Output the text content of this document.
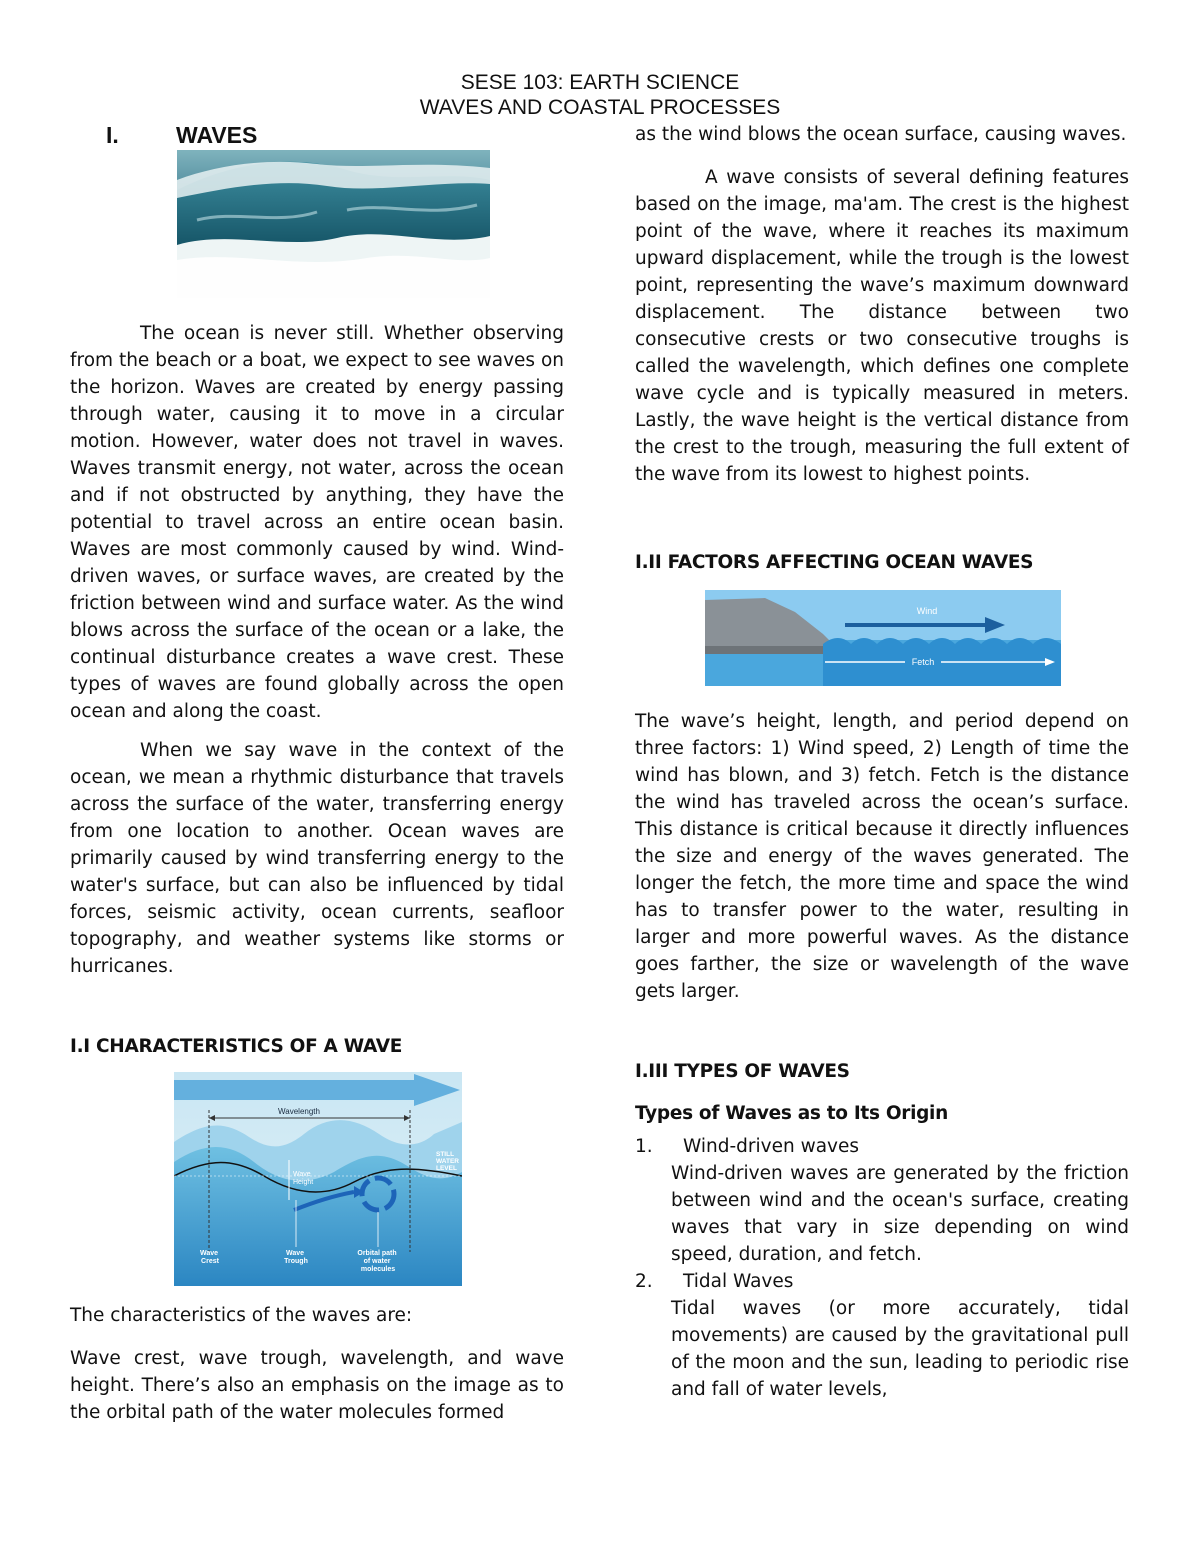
SESE 103: EARTH SCIENCE
WAVES AND COASTAL PROCESSES
I.	WAVES

The ocean is never still. Whether observing from the beach or a boat, we expect to see waves on the horizon. Waves are created by energy passing through water, causing it to move in a circular motion. However, water does not travel in waves. Waves transmit energy, not water, across the ocean and if not obstructed by anything, they have the potential to travel across an entire ocean basin. Waves are most commonly caused by wind. Wind-driven waves, or surface waves, are created by the friction between wind and surface water. As the wind blows across the surface of the ocean or a lake, the continual disturbance creates a wave crest. These types of waves are found globally across the open ocean and along the coast.

When we say wave in the context of the ocean, we mean a rhythmic disturbance that travels across the surface of the water, transferring energy from one location to another. Ocean waves are primarily caused by wind transferring energy to the water's surface, but can also be influenced by tidal forces, seismic activity, ocean currents, seafloor topography, and weather systems like storms or hurricanes.

I.I CHARACTERISTICS OF A WAVE

Wavelength
Wave Height
STILL WATER LEVEL
Wave Crest
Wave Trough
Orbital path of water molecules

The characteristics of the waves are:

Wave crest, wave trough, wavelength, and wave height. There’s also an emphasis on the image as to the orbital path of the water molecules formed

as the wind blows the ocean surface, causing waves.

A wave consists of several defining features based on the image, ma'am. The crest is the highest point of the wave, where it reaches its maximum upward displacement, while the trough is the lowest point, representing the wave’s maximum downward displacement. The distance between two consecutive crests or two consecutive troughs is called the wavelength, which defines one complete wave cycle and is typically measured in meters. Lastly, the wave height is the vertical distance from the crest to the trough, measuring the full extent of the wave from its lowest to highest points.

I.II FACTORS AFFECTING OCEAN WAVES

Wind
Fetch

The wave’s height, length, and period depend on three factors: 1) Wind speed, 2) Length of time the wind has blown, and 3) fetch. Fetch is the distance the wind has traveled across the ocean’s surface. This distance is critical because it directly influences the size and energy of the waves generated. The longer the fetch, the more time and space the wind has to transfer power to the water, resulting in larger and more powerful waves. As the distance goes farther, the size or wavelength of the wave gets larger.

I.III TYPES OF WAVES

Types of Waves as to Its Origin

1.	Wind-driven waves

Wind-driven waves are generated by the friction between wind and the ocean's surface, creating waves that vary in size depending on wind speed, duration, and fetch.

2.	Tidal Waves

Tidal waves (or more accurately, tidal movements) are caused by the gravitational pull of the moon and the sun, leading to periodic rise and fall of water levels,
